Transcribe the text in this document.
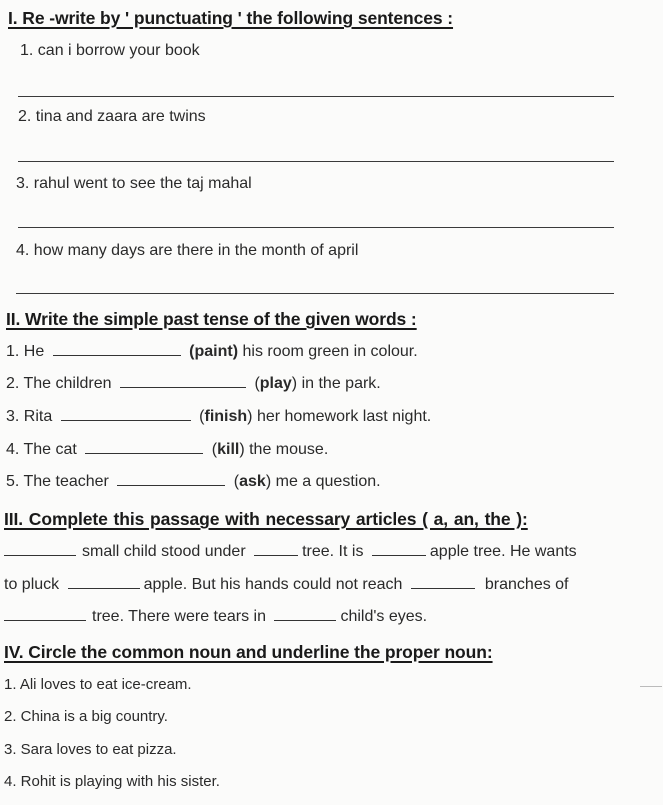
I. Re -write by ' punctuating ' the following sentences :
1. can i borrow your book
2. tina and zaara are twins
3. rahul went to see the taj mahal
4. how many days are there in the month of april
II. Write the simple past tense of the given words :
1. He	(paint) his room green in colour.
2. The children	(play) in the park.
3. Rita	(finish) her homework last night.
4. The cat	(kill) the mouse.
5. The teacher	(ask) me a question.
III. Complete this passage with necessary articles ( a, an, the ):
small child stood under	tree. It is	apple tree. He wants
to pluck	apple. But his hands could not reach	branches of
tree. There were tears in	child's eyes.
IV. Circle the common noun and underline the proper noun:
1. Ali loves to eat ice-cream.
2. China is a big country.
3. Sara loves to eat pizza.
4. Rohit is playing with his sister.
